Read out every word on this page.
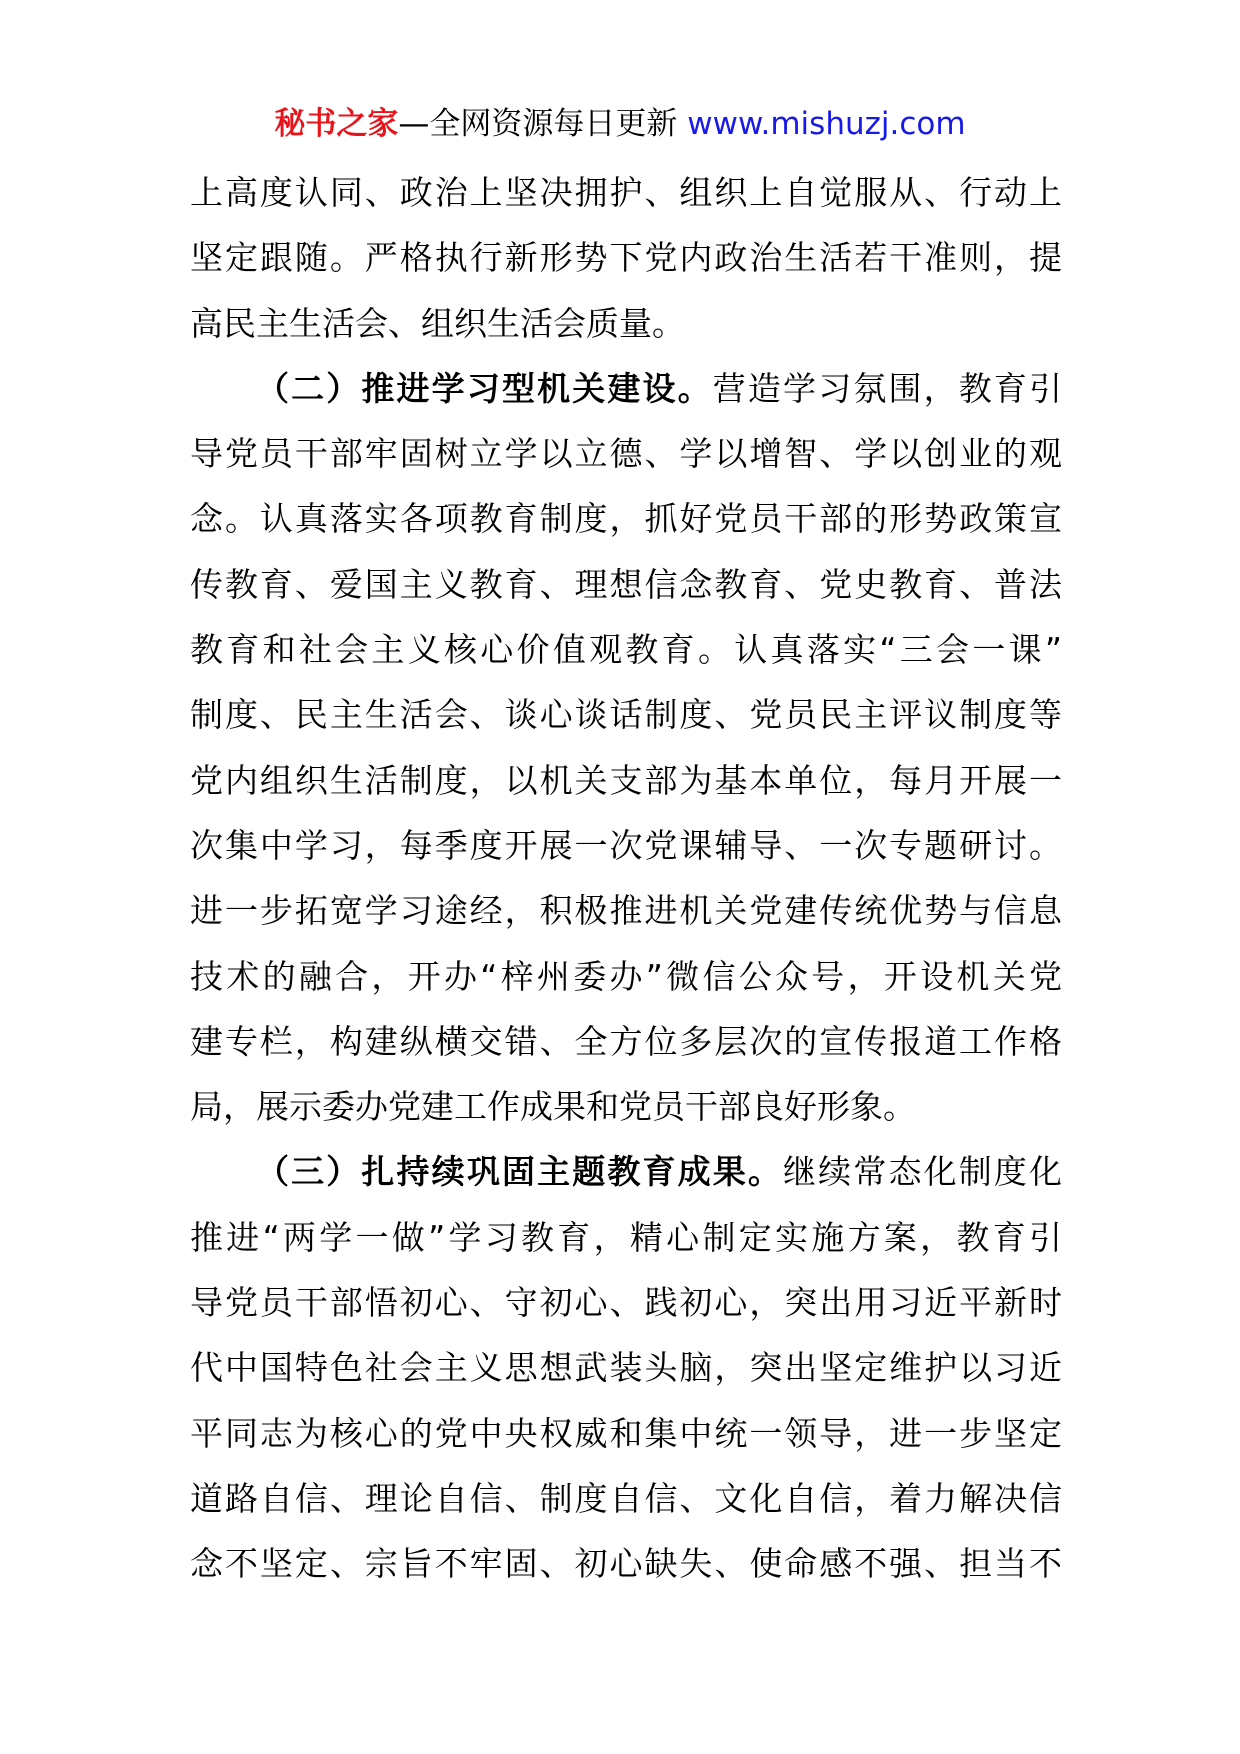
秘书之家—全网资源每日更新 www.mishuzj.com
上高度认同、政治上坚决拥护、组织上自觉服从、行动上
坚定跟随。严格执行新形势下党内政治生活若干准则，提
高民主生活会、组织生活会质量。
（二）推进学习型机关建设。营造学习氛围，教育引
导党员干部牢固树立学以立德、学以增智、学以创业的观
念。认真落实各项教育制度，抓好党员干部的形势政策宣
传教育、爱国主义教育、理想信念教育、党史教育、普法
教育和社会主义核心价值观教育。认真落实“三会一课”
制度、民主生活会、谈心谈话制度、党员民主评议制度等
党内组织生活制度，以机关支部为基本单位，每月开展一
次集中学习，每季度开展一次党课辅导、一次专题研讨。
进一步拓宽学习途经，积极推进机关党建传统优势与信息
技术的融合，开办“梓州委办”微信公众号，开设机关党
建专栏，构建纵横交错、全方位多层次的宣传报道工作格
局，展示委办党建工作成果和党员干部良好形象。
（三）扎持续巩固主题教育成果。继续常态化制度化
推进“两学一做”学习教育，精心制定实施方案，教育引
导党员干部悟初心、守初心、践初心，突出用习近平新时
代中国特色社会主义思想武装头脑，突出坚定维护以习近
平同志为核心的党中央权威和集中统一领导，进一步坚定
道路自信、理论自信、制度自信、文化自信，着力解决信
念不坚定、宗旨不牢固、初心缺失、使命感不强、担当不
